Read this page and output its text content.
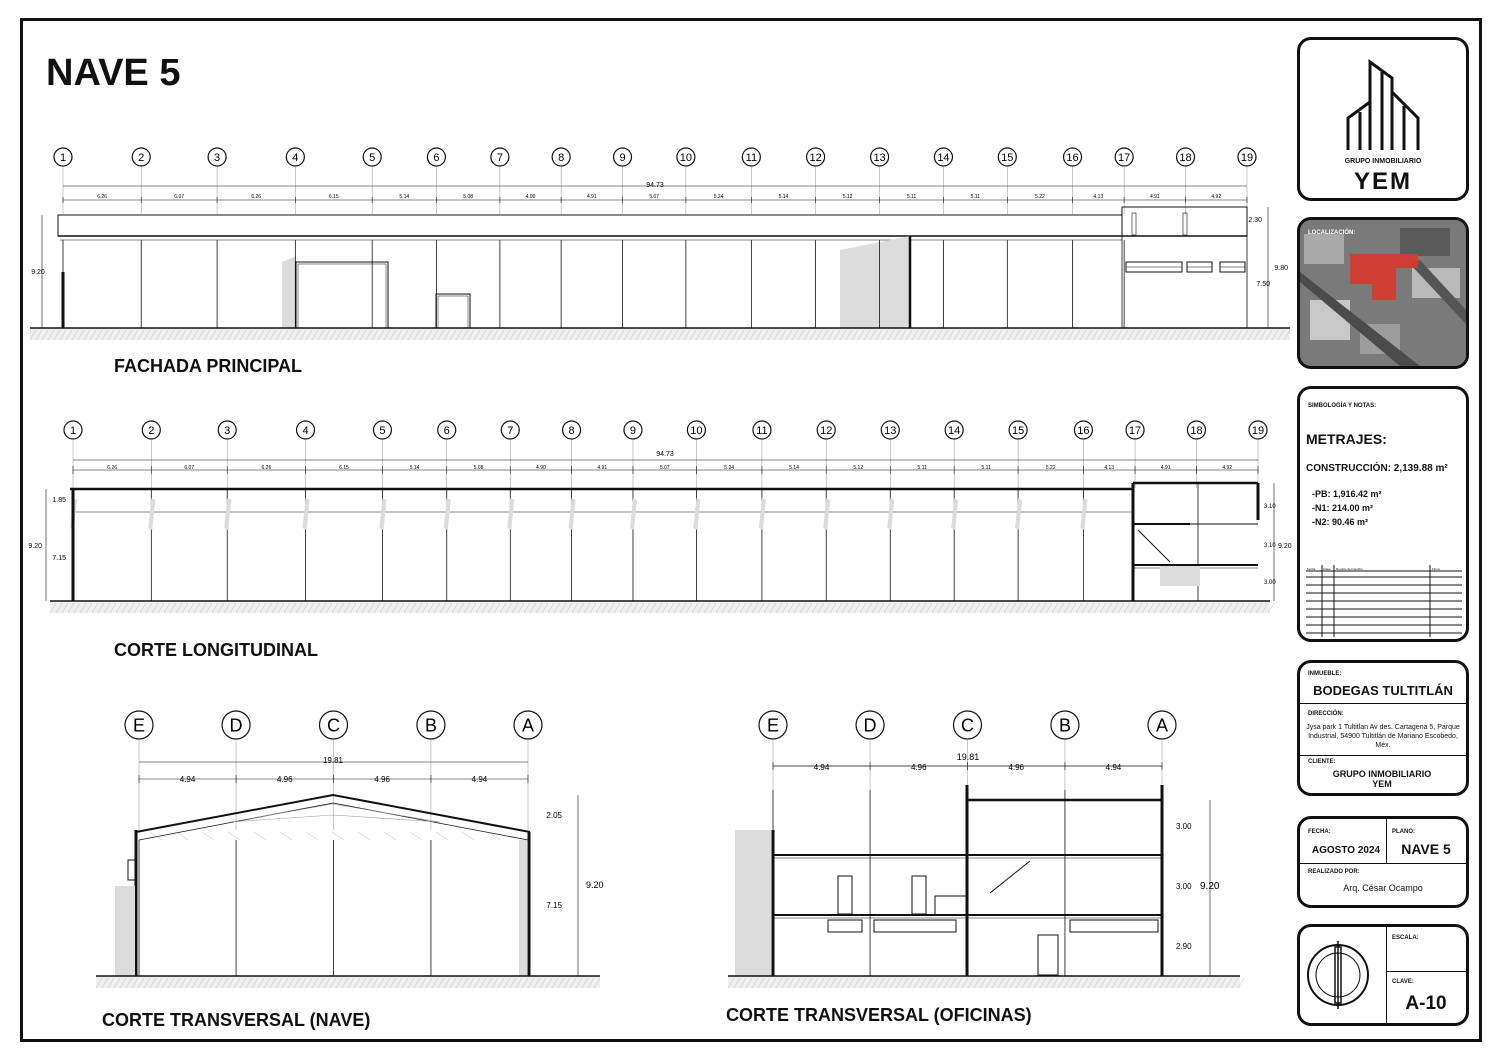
NAVE 5
1	2	3	4	5	6	7	8	9	10	11	12	13	14	15	16	17	18	19
94.73
6.26	6.07	6.26	6.15	5.14	5.08	4.90	4.91	5.07	5.24	5.14	5.12	5.11	5.11	5.22	4.13	4.91	4.92
9.20
2.30
9.80
7.50
1	2	3	4	5	6	7	8	9	10	11	12	13	14	15	16	17	18	19
94.73
6.26	6.07	6.26	6.15	5.14	5.08	4.90	4.91	5.07	5.24	5.14	5.12	5.11	5.11	5.22	4.13	4.91	4.92
1.85
9.20
7.15
3.10
3.10 9.20
3.00
E	D	C	B	A
19.81
4.94	4.96	4.96	4.94
2.05
9.20
7.15
E	D	C	B	A
19.81
4.94	4.96	4.96	4.94
3.00
3.00 9.20
2.90
FACHADA PRINCIPAL
CORTE LONGITUDINAL
CORTE TRANSVERSAL (NAVE)	CORTE TRANSVERSAL (OFICINAS)
GRUPO INMOBILIARIO
YEM
LOCALIZACIÓN:
SIMBOLOGÍA Y NOTAS:
METRAJES:
CONSTRUCCIÓN: 2,139.88 m²
-PB: 1,916.42 m²
-N1: 214.00 m²
-N2: 90.46 m²
Fecha	Clave Nombre del Cambio	Firma
INMUEBLE:
BODEGAS TULTITLÁN
DIRECCIÓN:
Jysa park 1 Tultitlan Av des. Cartagena 5, Parque Industrial, 54900 Tultitlán de Mariano Escobedo, Méx.
CLIENTE:
GRUPO INMOBILIARIO YEM
FECHA:
AGOSTO 2024
PLANO:
NAVE 5
REALIZADO POR:
Arq. César Ocampo
ESCALA:
CLAVE:
A-10
